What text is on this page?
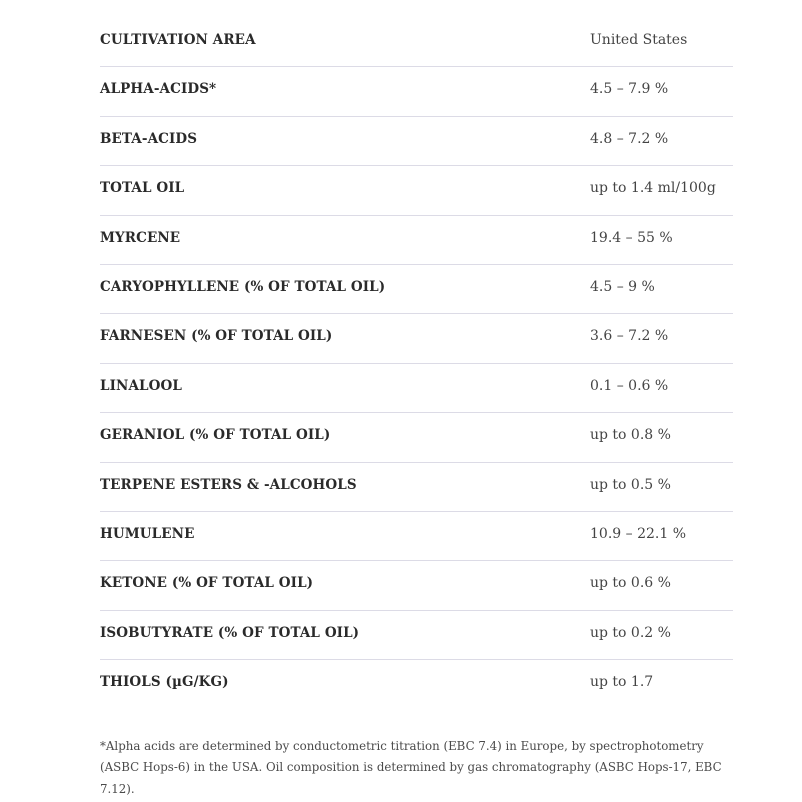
CULTIVATION AREA	United States
ALPHA-ACIDS*	4.5 – 7.9 %
BETA-ACIDS	4.8 – 7.2 %
TOTAL OIL	up to 1.4 ml/100g
MYRCENE	19.4 – 55 %
CARYOPHYLLENE (% OF TOTAL OIL)	4.5 – 9 %
FARNESEN (% OF TOTAL OIL)	3.6 – 7.2 %
LINALOOL	0.1 – 0.6 %
GERANIOL (% OF TOTAL OIL)	up to 0.8 %
TERPENE ESTERS & -ALCOHOLS	up to 0.5 %
HUMULENE	10.9 – 22.1 %
KETONE (% OF TOTAL OIL)	up to 0.6 %
ISOBUTYRATE (% OF TOTAL OIL)	up to 0.2 %
THIOLS (µG/KG)	up to 1.7

*Alpha acids are determined by conductometric titration (EBC 7.4) in Europe, by spectrophotometry (ASBC Hops-6) in the USA. Oil composition is determined by gas chromatography (ASBC Hops-17, EBC 7.12).
